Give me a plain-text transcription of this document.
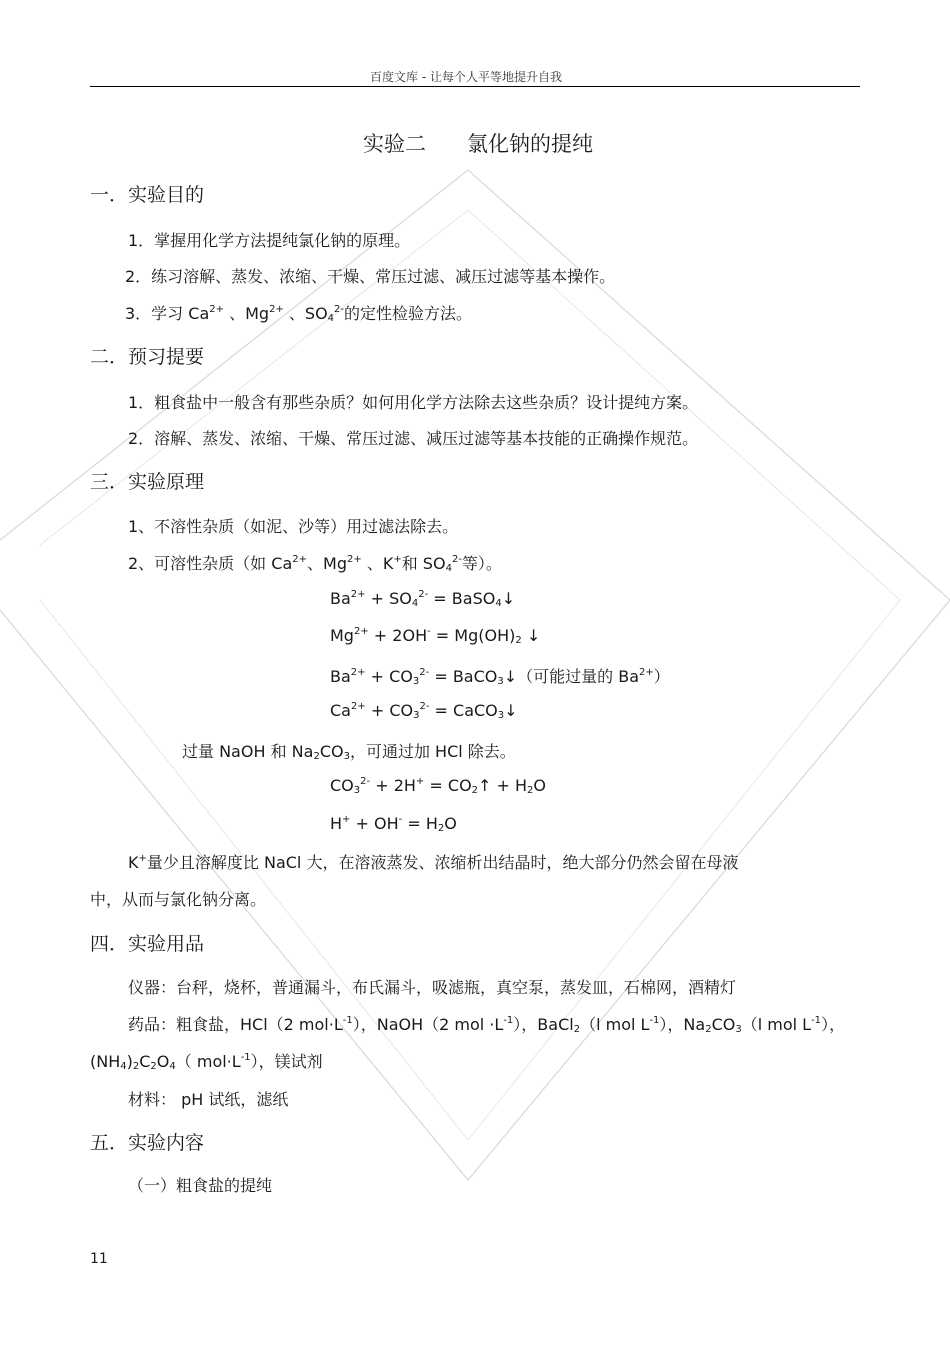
百度文库 - 让每个人平等地提升自我
实验二 氯化钠的提纯
一．实验目的
1．掌握用化学方法提纯氯化钠的原理。
2．练习溶解、蒸发、浓缩、干燥、常压过滤、减压过滤等基本操作。
3．学习 $Ca^{2+}$ 、$Mg^{2+}$ 、$SO_4^{2-}$的定性检验方法。
二．预习提要
1．粗食盐中一般含有那些杂质？如何用化学方法除去这些杂质？设计提纯方案。
2．溶解、蒸发、浓缩、干燥、常压过滤、减压过滤等基本技能的正确操作规范。
三．实验原理
1、不溶性杂质（如泥、沙等）用过滤法除去。
2、可溶性杂质（如 $Ca^{2+}$、$Mg^{2+}$ 、K+和 $SO_4^{2-}$等）。
$Ba^{2+} + SO_4^{2-}$ = BaSO$_4$↓
$Mg^{2+} + 2OH^- = Mg(OH)_2$ ↓
$Ba^{2+} + CO_3^{2-}$ = BaCO$_3$↓（可能过量的 $Ba^{2+}$）
$Ca^{2+} + CO_3^{2-}$ = CaCO$_3$↓
过量 NaOH 和 $Na_2CO_3$，可通过加 HCl 除去。
$CO_3^{2-} + 2H^+$ = $CO_2↑ + H_2O$
$H^+ + OH^- = H_2O$
K+量少且溶解度比 NaCl 大，在溶液蒸发、浓缩析出结晶时，绝大部分仍然会留在母液
中，从而与氯化钠分离。
四．实验用品
仪器：台秤，烧杯，普通漏斗，布氏漏斗，吸滤瓶，真空泵，蒸发皿，石棉网，酒精灯
药品：粗食盐，HCl（2 $mol\cdot L^{-1}$），NaOH（2 mol $\cdot L^{-1}$），BaCl$_2$（l mol $L^{-1}$），$Na_2CO_3(l$ mol $L^{-1}$），
$(NH_4)_2C_2O_4$（ $mol\cdot L^{-1}$），镁试剂
材料： pH 试纸，滤纸
五．实验内容
（一）粗食盐的提纯
11
